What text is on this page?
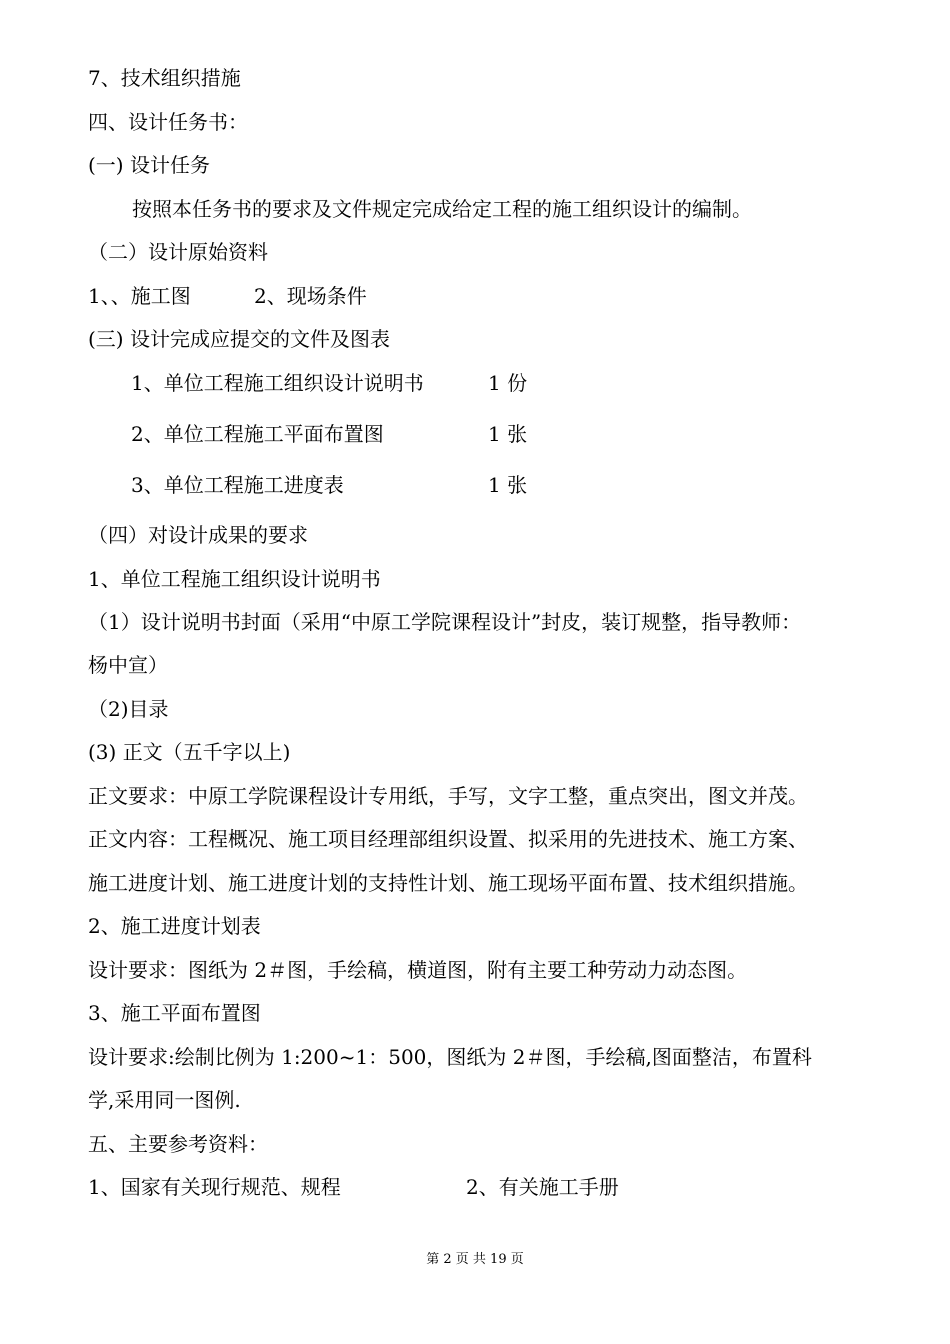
7、技术组织措施
四、设计任务书：
(一) 设计任务
按照本任务书的要求及文件规定完成给定工程的施工组织设计的编制。
（二）设计原始资料
1、、施工图	2、现场条件
(三) 设计完成应提交的文件及图表
1、单位工程施工组织设计说明书	1 份
2、单位工程施工平面布置图	1 张
3、单位工程施工进度表	1 张
（四）对设计成果的要求
1、单位工程施工组织设计说明书
（1）设计说明书封面（采用“中原工学院课程设计”封皮，装订规整，指导教师：
杨中宣）
（2)目录
(3) 正文（五千字以上)
正文要求：中原工学院课程设计专用纸，手写，文字工整，重点突出，图文并茂。
正文内容：工程概况、施工项目经理部组织设置、拟采用的先进技术、施工方案、
施工进度计划、施工进度计划的支持性计划、施工现场平面布置、技术组织措施。
2、施工进度计划表
设计要求：图纸为 2＃图，手绘稿，横道图，附有主要工种劳动力动态图。
3、施工平面布置图
设计要求:绘制比例为 1:200~1：500，图纸为 2＃图，手绘稿,图面整洁，布置科
学,采用同一图例.
五、主要参考资料：
1、国家有关现行规范、规程	2、有关施工手册
第 2 页 共 19 页
